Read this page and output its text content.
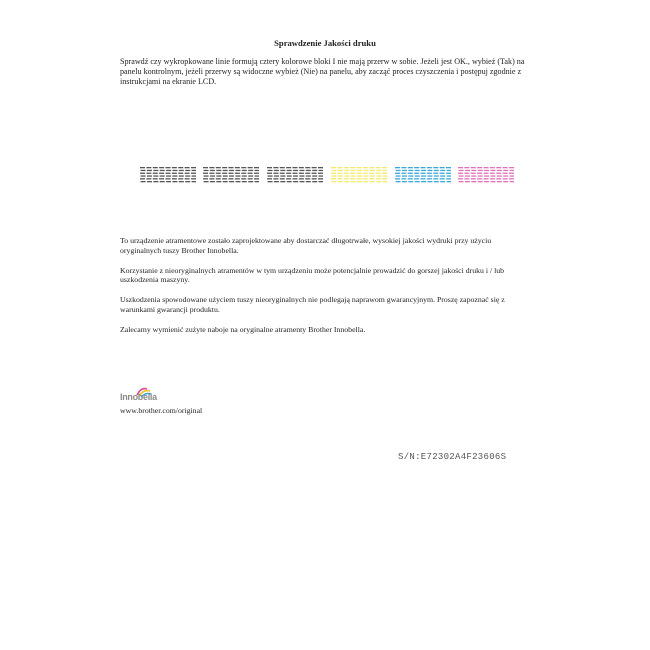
Sprawdzenie Jakości druku

Sprawdź czy wykropkowane linie formują cztery kolorowe bloki I nie mają przerw w sobie. Jeżeli jest OK., wybież (Tak) na panelu kontrolnym, jeżeli przerwy są widoczne wybież (Nie) na panelu, aby zacząć proces czyszczenia i postępuj zgodnie z instrukcjami na ekranie LCD.

To urządzenie atramentowe zostało zaprojektowane aby dostarczać długotrwałe, wysokiej jakości wydruki przy użyciu oryginalnych tuszy Brother Innobella.

Korzystanie z nieoryginalnych atramentów w tym urządzeniu może potencjalnie prowadzić do gorszej jakości druku i / lub uszkodzenia maszyny.

Uszkodzenia spowodowane użyciem tuszy nieoryginalnych nie podlegają naprawom gwarancyjnym. Proszę zapoznać się z warunkami gwarancji produktu.

Zalecamy wymienić zużyte naboje na oryginalne atramenty Brother Innobella.

Innobella
www.brother.com/original
S/N:E72302A4F23606S
